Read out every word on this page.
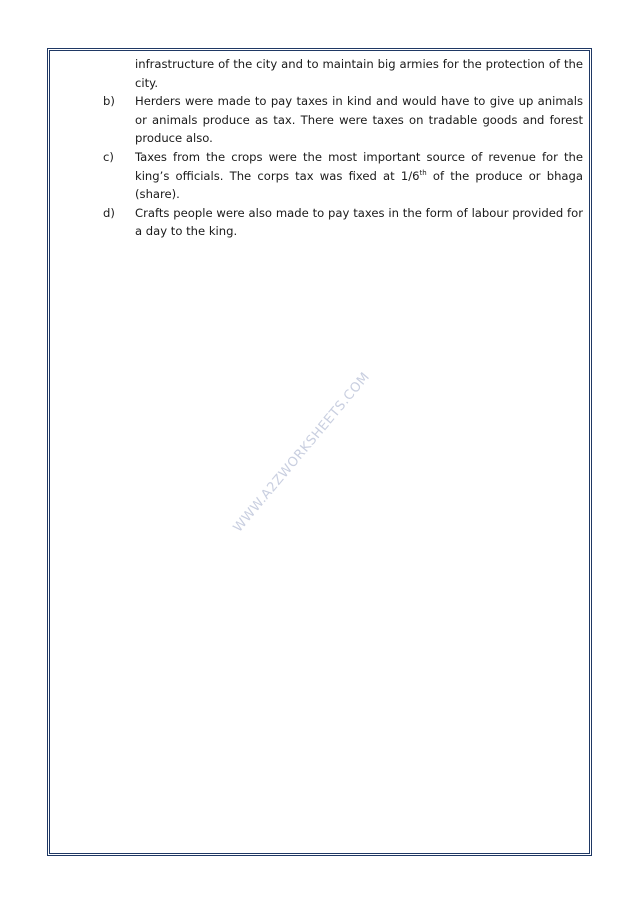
infrastructure of the city and to maintain big armies for the protection of the city.
b)	Herders were made to pay taxes in kind and would have to give up animals or animals produce as tax. There were taxes on tradable goods and forest produce also.
c)	Taxes from the crops were the most important source of revenue for the king’s officials. The corps tax was fixed at 1/6th of the produce or bhaga (share).
d)	Crafts people were also made to pay taxes in the form of labour provided for a day to the king.
WWW.A2ZWORKSHEETS.COM
